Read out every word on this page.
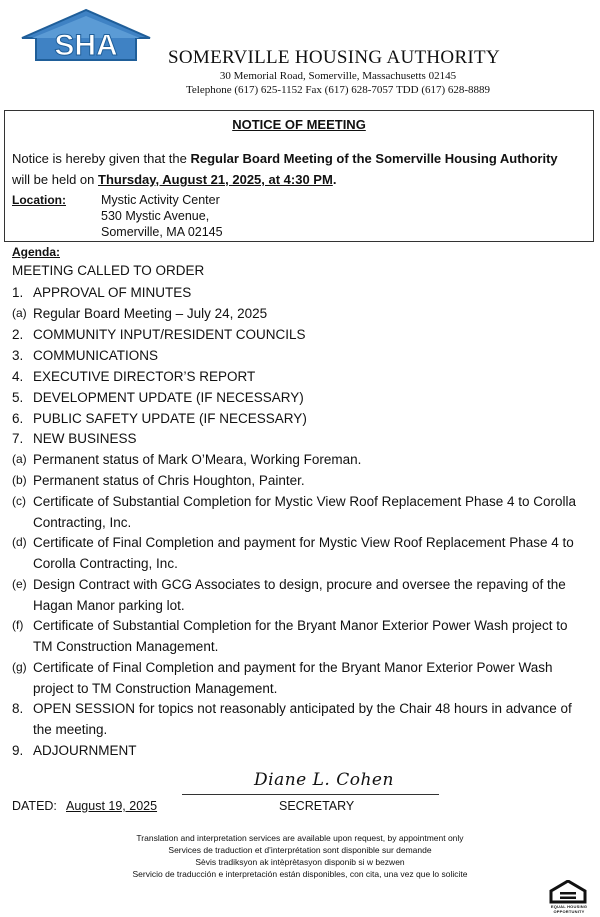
SHA	SOMERVILLE HOUSING AUTHORITY
30 Memorial Road, Somerville, Massachusetts 02145
Telephone (617) 625-1152 Fax (617) 628-7057 TDD (617) 628-8889
NOTICE OF MEETING
Notice is hereby given that the Regular Board Meeting of the Somerville Housing Authority
will be held on Thursday, August 21, 2025, at 4:30 PM.
Location:	Mystic Activity Center
530 Mystic Avenue,
Somerville, MA 02145
Agenda:
MEETING CALLED TO ORDER
1. APPROVAL OF MINUTES
(a) Regular Board Meeting – July 24, 2025
2. COMMUNITY INPUT/RESIDENT COUNCILS
3. COMMUNICATIONS
4. EXECUTIVE DIRECTOR’S REPORT
5. DEVELOPMENT UPDATE (IF NECESSARY)
6. PUBLIC SAFETY UPDATE (IF NECESSARY)
7. NEW BUSINESS
(a) Permanent status of Mark O’Meara, Working Foreman.
(b) Permanent status of Chris Houghton, Painter.
(c) Certificate of Substantial Completion for Mystic View Roof Replacement Phase 4 to Corolla Contracting, Inc.
(d) Certificate of Final Completion and payment for Mystic View Roof Replacement Phase 4 to Corolla Contracting, Inc.
(e) Design Contract with GCG Associates to design, procure and oversee the repaving of the Hagan Manor parking lot.
(f) Certificate of Substantial Completion for the Bryant Manor Exterior Power Wash project to TM Construction Management.
(g) Certificate of Final Completion and payment for the Bryant Manor Exterior Power Wash project to TM Construction Management.
8. OPEN SESSION for topics not reasonably anticipated by the Chair 48 hours in advance of the meeting.
9. ADJOURNMENT
Diane L. Cohen
DATED: August 19, 2025	SECRETARY
Translation and interpretation services are available upon request, by appointment only
Services de traduction et d’interprétation sont disponible sur demande
Sèvis tradiksyon ak intèprètasyon disponib si w bezwen
Servicio de traducción e interpretación están disponibles, con cita, una vez que lo solicite
EQUAL HOUSING OPPORTUNITY
